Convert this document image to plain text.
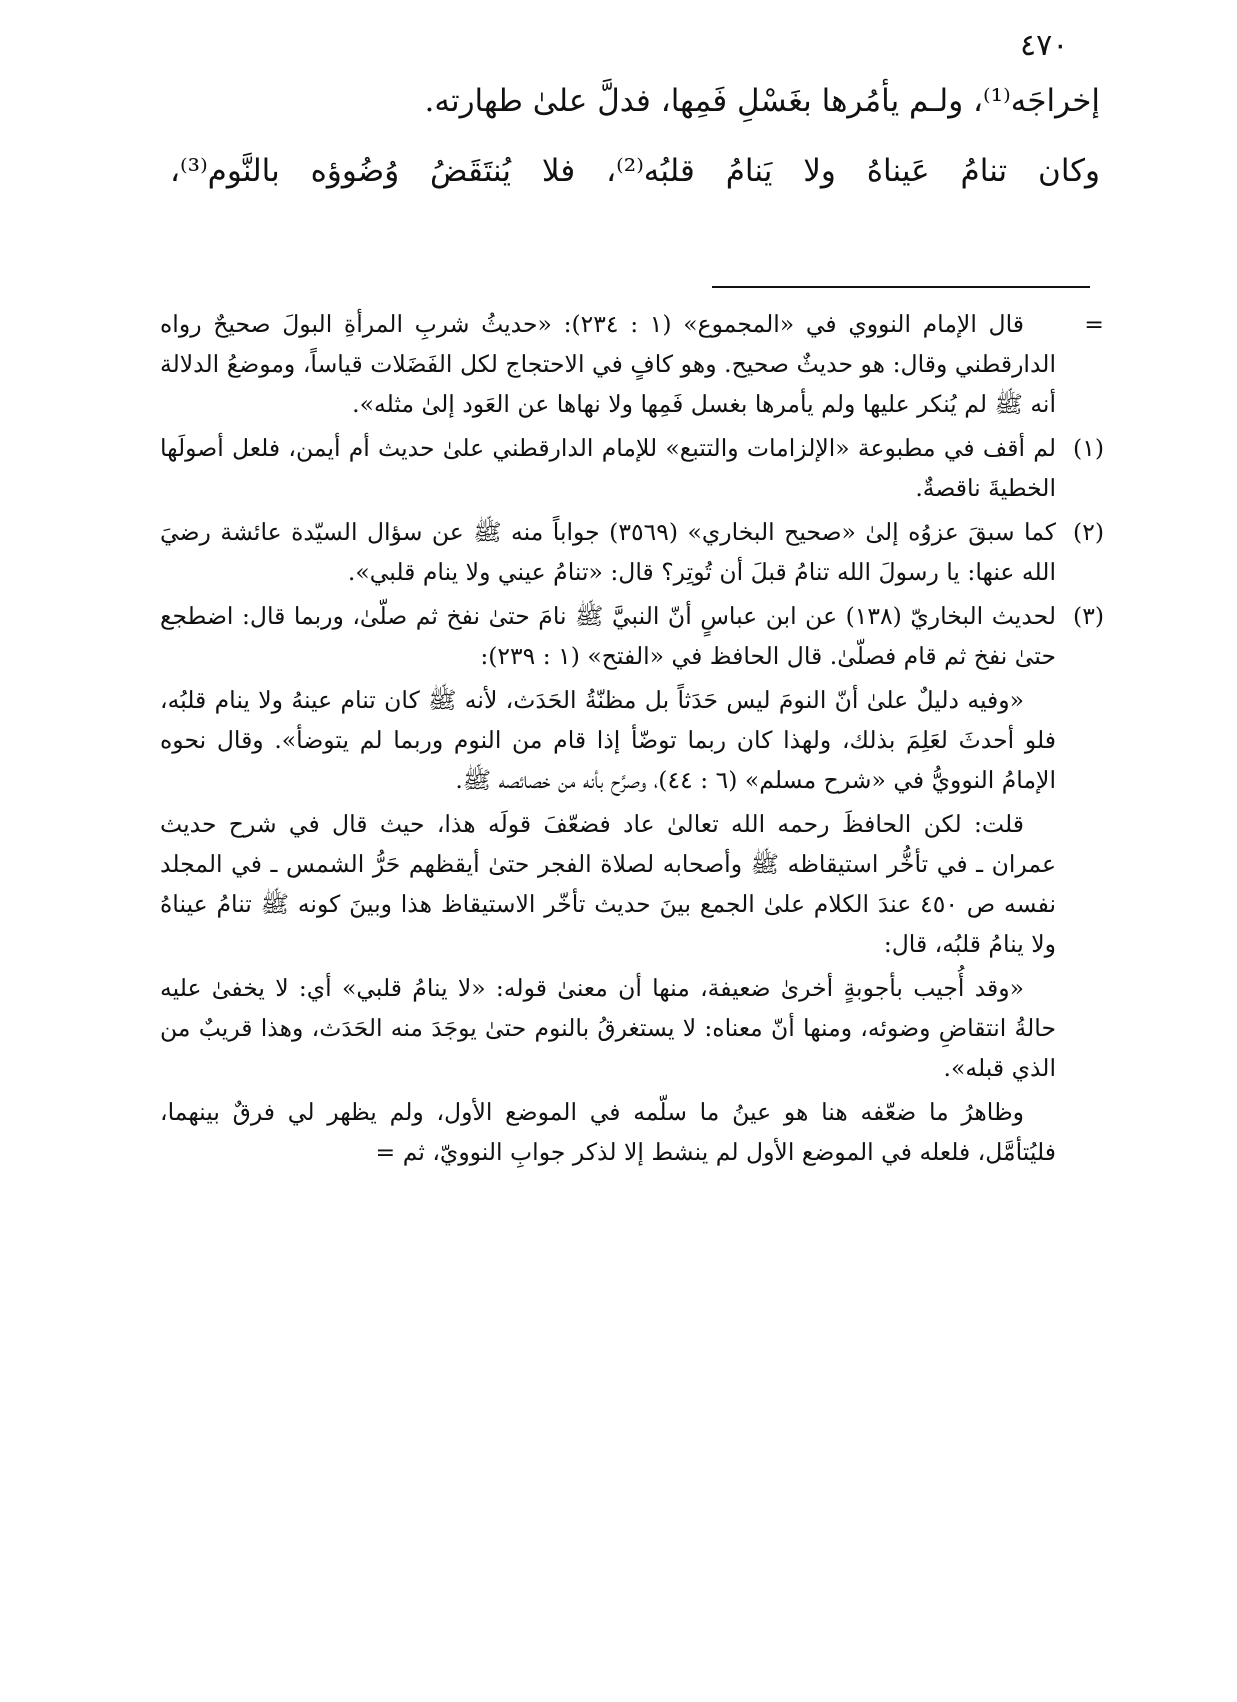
٤٧٠

إخراجَه⁽¹⁾، ولـم يأمُرها بغَسْلِ فَمِها، فدلَّ علىٰ طهارته.

وكان تنامُ عَيناهُ ولا يَنامُ قلبُه⁽²⁾، فلا يُنتَقَضُ وُضُوؤه بالنَّوم⁽³⁾،

=
قال الإمام النووي في «المجموع» (١ : ٢٣٤): «حديثُ شربِ المرأةِ البولَ صحيحٌ رواه الدارقطني وقال: هو حديثٌ صحيح. وهو كافٍ في الاحتجاج لكل الفَضَلات قياساً، وموضعُ الدلالة أنه ﷺ لم يُنكر عليها ولم يأمرها بغسل فَمِها ولا نهاها عن العَود إلىٰ مثله».
(١)
لم أقف في مطبوعة «الإلزامات والتتبع» للإمام الدارقطني علىٰ حديث أم أيمن، فلعل أصولَها الخطيةَ ناقصةٌ.
(٢)
كما سبقَ عزوُه إلىٰ «صحيح البخاري» (٣٥٦٩) جواباً منه ﷺ عن سؤال السيّدة عائشة رضيَ الله عنها: يا رسولَ الله تنامُ قبلَ أن تُوتِر؟ قال: «تنامُ عيني ولا ينام قلبي».
(٣)
لحديث البخاريّ (١٣٨) عن ابن عباسٍ أنّ النبيَّ ﷺ نامَ حتىٰ نفخ ثم صلّىٰ، وربما قال: اضطجع حتىٰ نفخ ثم قام فصلّىٰ. قال الحافظ في «الفتح» (١ : ٢٣٩):

«وفيه دليلٌ علىٰ أنّ النومَ ليس حَدَثاً بل مظنّةُ الحَدَث، لأنه ﷺ كان تنام عينهُ ولا ينام قلبُه، فلو أحدثَ لعَلِمَ بذلك، ولهذا كان ربما توضّأ إذا قام من النوم وربما لم يتوضأ». وقال نحوه الإمامُ النوويُّ في «شرح مسلم» (٦ : ٤٤)، وصرَّح بأنه من خصائصه ﷺ.

قلت: لكن الحافظَ رحمه الله تعالىٰ عاد فضعّفَ قولَه هذا، حيث قال في شرح حديث عمران ـ في تأخُّر استيقاظه ﷺ وأصحابه لصلاة الفجر حتىٰ أيقظهم حَرُّ الشمس ـ في المجلد نفسه ص ٤٥٠ عندَ الكلام علىٰ الجمع بينَ حديث تأخّر الاستيقاظ هذا وبينَ كونه ﷺ تنامُ عيناهُ ولا ينامُ قلبُه، قال:

«وقد أُجيب بأجوبةٍ أخرىٰ ضعيفة، منها أن معنىٰ قوله: «لا ينامُ قلبي» أي: لا يخفىٰ عليه حالةُ انتقاضِ وضوئه، ومنها أنّ معناه: لا يستغرقُ بالنوم حتىٰ يوجَدَ منه الحَدَث، وهذا قريبٌ من الذي قبله».

وظاهرُ ما ضعّفه هنا هو عينُ ما سلّمه في الموضع الأول، ولم يظهر لي فرقٌ بينهما، فليُتأمَّل، فلعله في الموضع الأول لم ينشط إلا لذكر جوابِ النوويّ، ثم =
